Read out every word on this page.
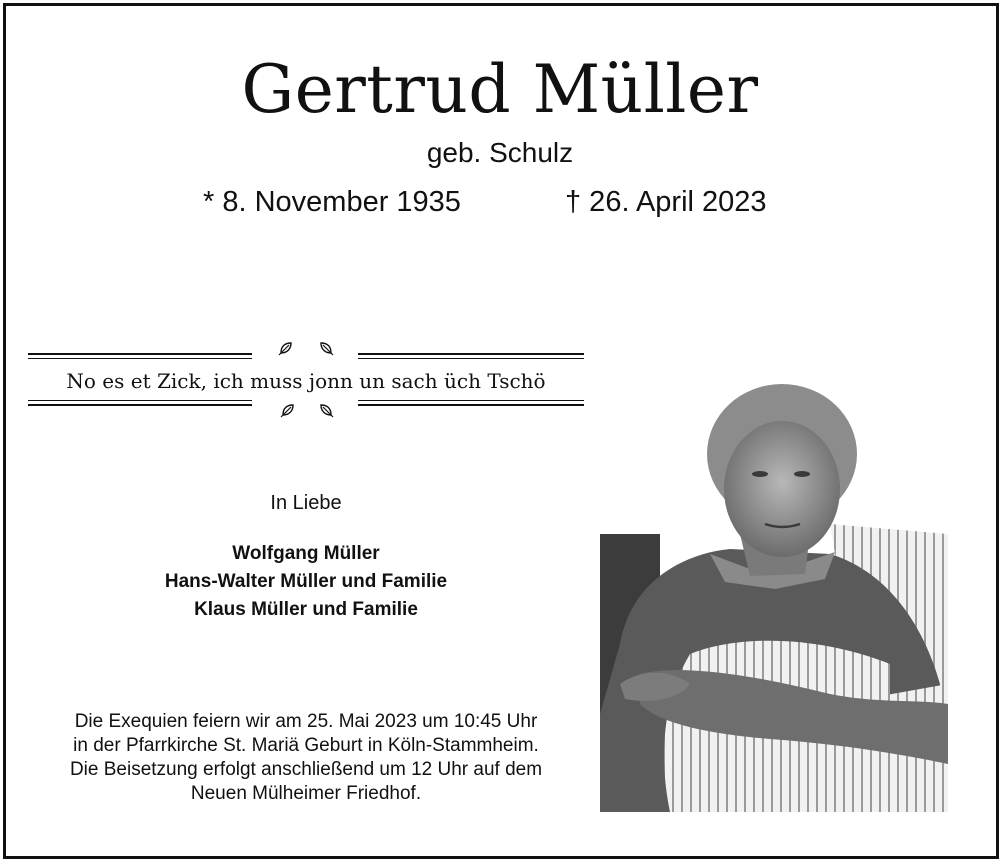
Gertrud Müller
geb. Schulz
* 8. November 1935	† 26. April 2023
No es et Zick, ich muss jonn un sach üch Tschö
In Liebe
Wolfgang Müller
Hans-Walter Müller und Familie
Klaus Müller und Familie
Die Exequien feiern wir am 25. Mai 2023 um 10:45 Uhr
in der Pfarrkirche St. Mariä Geburt in Köln-Stammheim.
Die Beisetzung erfolgt anschließend um 12 Uhr auf dem
Neuen Mülheimer Friedhof.
